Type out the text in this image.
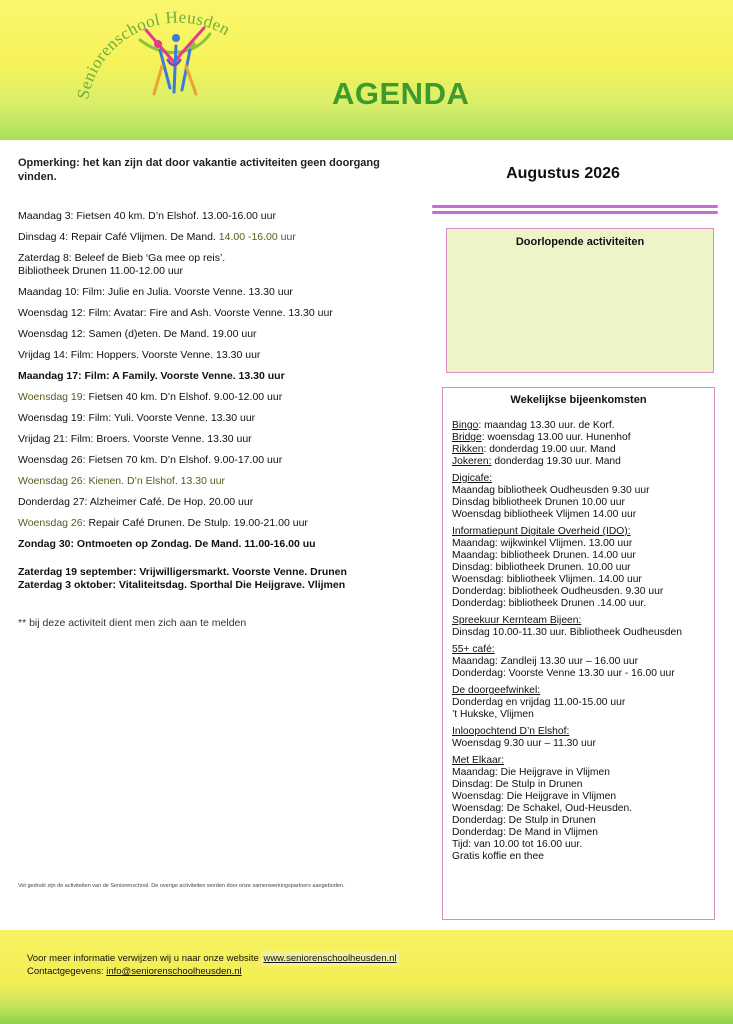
Seniorenschool Heusden
AGENDA
Opmerking: het kan zijn dat door vakantie activiteiten geen doorgang vinden.	Augustus 2026
Maandag 3: Fietsen 40 km. D’n Elshof. 13.00-16.00 uur
Dinsdag 4: Repair Café Vlijmen. De Mand. 14.00 -16.00 uur
Zaterdag 8: Beleef de Bieb ‘Ga mee op reis’.
Bibliotheek Drunen 11.00-12.00 uur
Maandag 10: Film: Julie en Julia. Voorste Venne. 13.30 uur
Woensdag 12: Film: Avatar: Fire and Ash. Voorste Venne. 13.30 uur
Woensdag 12: Samen (d)eten. De Mand. 19.00 uur
Vrijdag 14: Film: Hoppers. Voorste Venne. 13.30 uur
Maandag 17: Film: A Family. Voorste Venne. 13.30 uur
Woensdag 19: Fietsen 40 km. D’n Elshof. 9.00-12.00 uur
Woensdag 19: Film: Yuli. Voorste Venne. 13.30 uur
Vrijdag 21: Film: Broers. Voorste Venne. 13.30 uur
Woensdag 26: Fietsen 70 km. D’n Elshof. 9.00-17.00 uur
Woensdag 26: Kienen. D’n Elshof. 13.30 uur
Donderdag 27: Alzheimer Café. De Hop. 20.00 uur
Woensdag 26: Repair Café Drunen. De Stulp. 19.00-21.00 uur
Zondag 30: Ontmoeten op Zondag. De Mand. 11.00-16.00 uu
Zaterdag 19 september: Vrijwilligersmarkt. Voorste Venne. Drunen
Zaterdag 3 oktober: Vitaliteitsdag. Sporthal Die Heijgrave. Vlijmen
** bij deze activiteit dient men zich aan te melden
Vet gedrukt zijn de activiteiten van de Seniorenschool. De overige activiteiten worden door onze samenwerkingspartners aangeboden.
Doorlopende activiteiten
Wekelijkse bijeenkomsten
Bingo: maandag 13.30 uur. de Korf.
Bridge: woensdag 13.00 uur. Hunenhof
Rikken: donderdag 19.00 uur. Mand
Jokeren: donderdag 19.30 uur. Mand
Digicafe:
Maandag bibliotheek Oudheusden 9.30 uur
Dinsdag bibliotheek Drunen 10.00 uur
Woensdag bibliotheek Vlijmen 14.00 uur
Informatiepunt Digitale Overheid (IDO):
Maandag: wijkwinkel Vlijmen. 13.00 uur
Maandag: bibliotheek Drunen. 14.00 uur
Dinsdag: bibliotheek Drunen. 10.00 uur
Woensdag: bibliotheek Vlijmen. 14.00 uur
Donderdag: bibliotheek Oudheusden. 9.30 uur
Donderdag: bibliotheek Drunen .14.00 uur.
Spreekuur Kernteam Bijeen:
Dinsdag 10.00-11.30 uur. Bibliotheek Oudheusden
55+ café:
Maandag: Zandleij 13.30 uur – 16.00 uur
Donderdag: Voorste Venne 13.30 uur - 16.00 uur
De doorgeefwinkel:
Donderdag en vrijdag 11.00-15.00 uur
’t Hukske, Vlijmen
Inloopochtend D’n Elshof:
Woensdag 9.30 uur – 11.30 uur
Met Elkaar:
Maandag: Die Heijgrave in Vlijmen
Dinsdag: De Stulp in Drunen
Woensdag: Die Heijgrave in Vlijmen
Woensdag: De Schakel, Oud-Heusden.
Donderdag: De Stulp in Drunen
Donderdag: De Mand in Vlijmen
Tijd: van 10.00 tot 16.00 uur.
Gratis koffie en thee
Voor meer informatie verwijzen wij u naar onze website www.seniorenschoolheusden.nl
Contactgegevens: info@seniorenschoolheusden.nl
